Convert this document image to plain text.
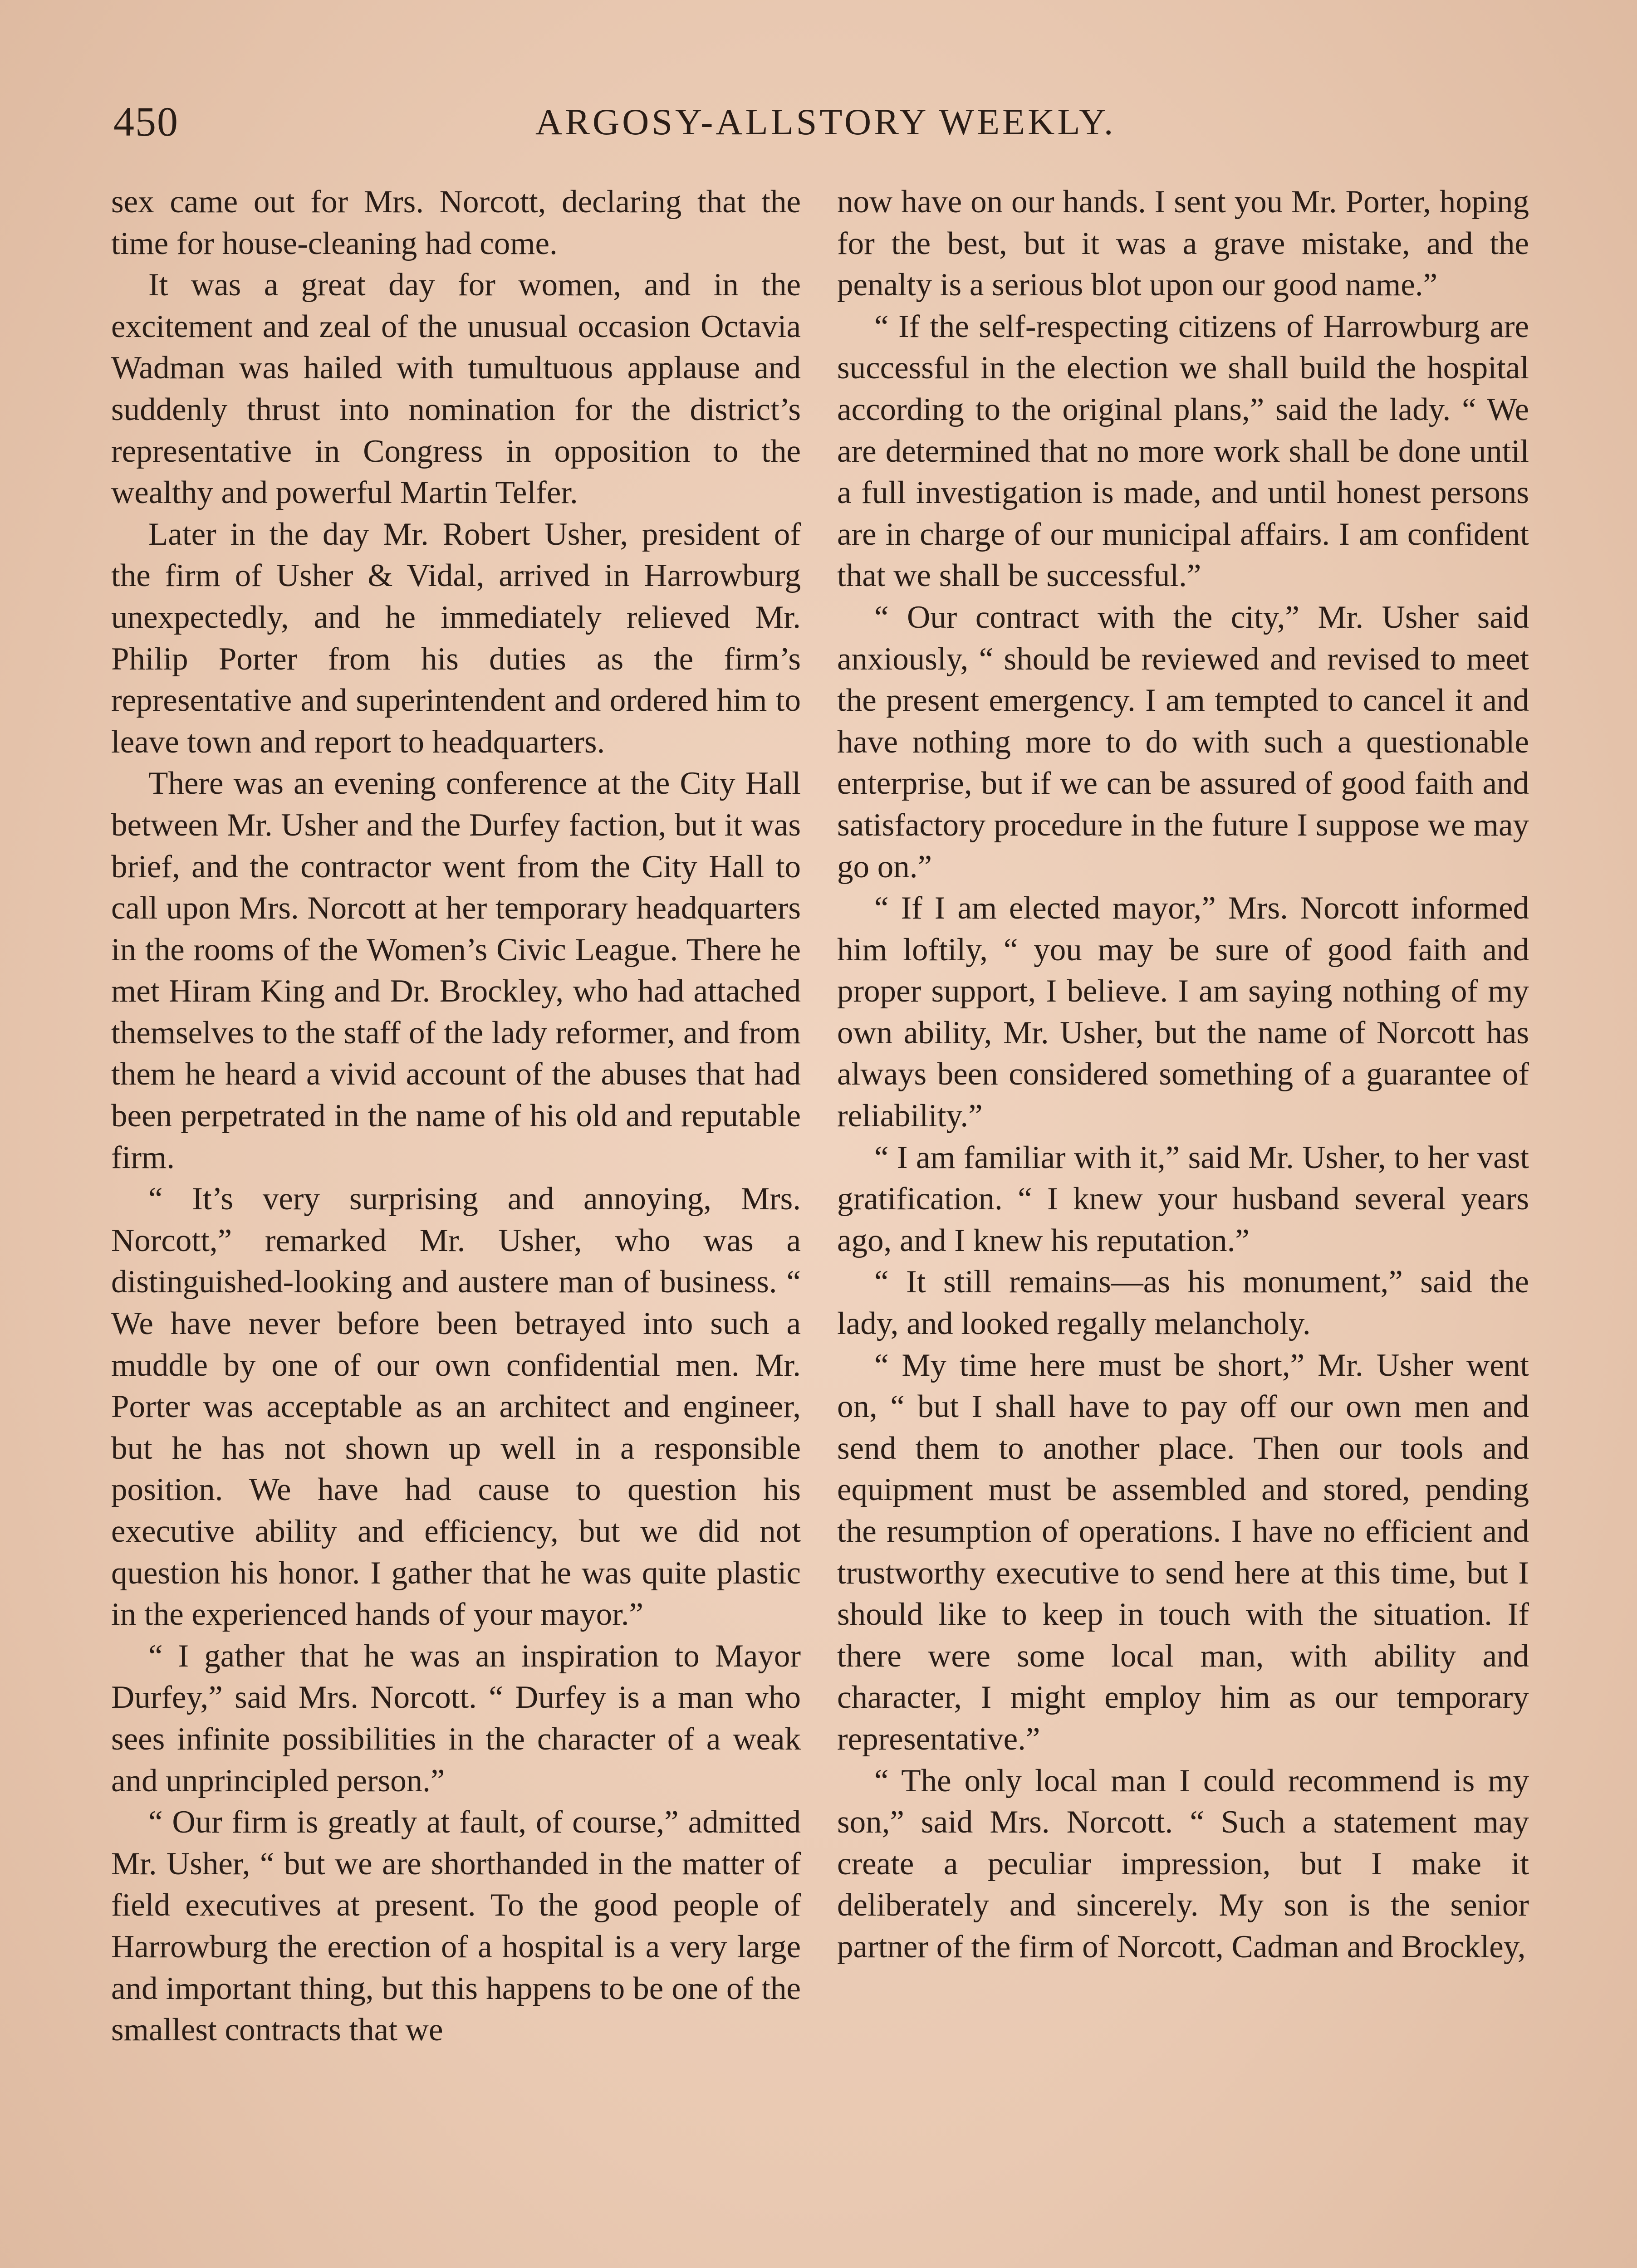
450	ARGOSY-ALLSTORY WEEKLY.

sex came out for Mrs. Norcott, declaring that the time for house-cleaning had come.

It was a great day for women, and in the excitement and zeal of the unusual occasion Octavia Wadman was hailed with tumultuous applause and suddenly thrust into nomination for the district’s representative in Congress in opposition to the wealthy and powerful Martin Telfer.

Later in the day Mr. Robert Usher, president of the firm of Usher & Vidal, arrived in Harrowburg unexpectedly, and he immediately relieved Mr. Philip Porter from his duties as the firm’s representative and superintendent and ordered him to leave town and report to headquarters.

There was an evening conference at the City Hall between Mr. Usher and the Durfey faction, but it was brief, and the contractor went from the City Hall to call upon Mrs. Norcott at her temporary headquarters in the rooms of the Women’s Civic League. There he met Hiram King and Dr. Brockley, who had attached themselves to the staff of the lady reformer, and from them he heard a vivid account of the abuses that had been perpetrated in the name of his old and reputable firm.

“ It’s very surprising and annoying, Mrs. Norcott,” remarked Mr. Usher, who was a distinguished-looking and austere man of business. “ We have never before been betrayed into such a muddle by one of our own confidential men. Mr. Porter was acceptable as an architect and engineer, but he has not shown up well in a responsible position. We have had cause to question his executive ability and efficiency, but we did not question his honor. I gather that he was quite plastic in the experienced hands of your mayor.”

“ I gather that he was an inspiration to Mayor Durfey,” said Mrs. Norcott. “ Durfey is a man who sees infinite possibilities in the character of a weak and unprincipled person.”

“ Our firm is greatly at fault, of course,” admitted Mr. Usher, “ but we are shorthanded in the matter of field executives at present. To the good people of Harrowburg the erection of a hospital is a very large and important thing, but this happens to be one of the smallest contracts that we

now have on our hands. I sent you Mr. Porter, hoping for the best, but it was a grave mistake, and the penalty is a serious blot upon our good name.”

“ If the self-respecting citizens of Harrowburg are successful in the election we shall build the hospital according to the original plans,” said the lady. “ We are determined that no more work shall be done until a full investigation is made, and until honest persons are in charge of our municipal affairs. I am confident that we shall be successful.”

“ Our contract with the city,” Mr. Usher said anxiously, “ should be reviewed and revised to meet the present emergency. I am tempted to cancel it and have nothing more to do with such a questionable enterprise, but if we can be assured of good faith and satisfactory procedure in the future I suppose we may go on.”

“ If I am elected mayor,” Mrs. Norcott informed him loftily, “ you may be sure of good faith and proper support, I believe. I am saying nothing of my own ability, Mr. Usher, but the name of Norcott has always been considered something of a guarantee of reliability.”

“ I am familiar with it,” said Mr. Usher, to her vast gratification. “ I knew your husband several years ago, and I knew his reputation.”

“ It still remains—as his monument,” said the lady, and looked regally melancholy.

“ My time here must be short,” Mr. Usher went on, “ but I shall have to pay off our own men and send them to another place. Then our tools and equipment must be assembled and stored, pending the resumption of operations. I have no efficient and trustworthy executive to send here at this time, but I should like to keep in touch with the situation. If there were some local man, with ability and character, I might employ him as our temporary representative.”

“ The only local man I could recommend is my son,” said Mrs. Norcott. “ Such a statement may create a peculiar impression, but I make it deliberately and sincerely. My son is the senior partner of the firm of Norcott, Cadman and Brockley,
